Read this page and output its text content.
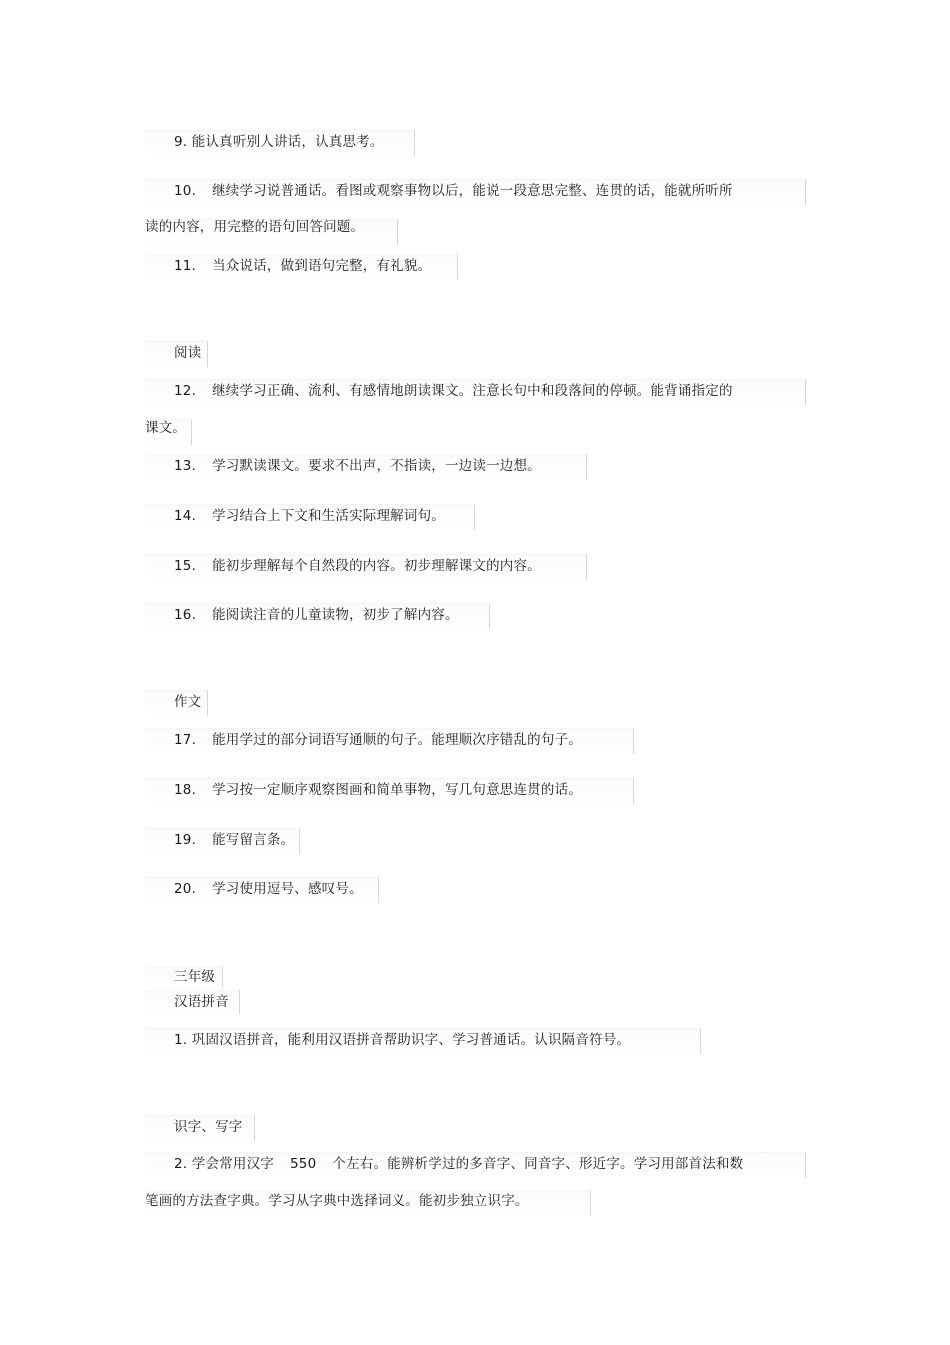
9. 能认真听别人讲话，认真思考。
10. 继续学习说普通话。看图或观察事物以后，能说一段意思完整、连贯的话，能就所听所
读的内容，用完整的语句回答问题。
11. 当众说话，做到语句完整，有礼貌。
阅读
12. 继续学习正确、流利、有感情地朗读课文。注意长句中和段落间的停顿。能背诵指定的
课文。
13. 学习默读课文。要求不出声，不指读，一边读一边想。
14. 学习结合上下文和生活实际理解词句。
15. 能初步理解每个自然段的内容。初步理解课文的内容。
16. 能阅读注音的儿童读物，初步了解内容。
作文
17. 能用学过的部分词语写通顺的句子。能理顺次序错乱的句子。
18. 学习按一定顺序观察图画和简单事物，写几句意思连贯的话。
19. 能写留言条。
20. 学习使用逗号、感叹号。
三年级
汉语拼音
1. 巩固汉语拼音，能利用汉语拼音帮助识字、学习普通话。认识隔音符号。
识字、写字
2. 学会常用汉字 550 个左右。能辨析学过的多音字、同音字、形近字。学习用部首法和数
笔画的方法查字典。学习从字典中选择词义。能初步独立识字。
